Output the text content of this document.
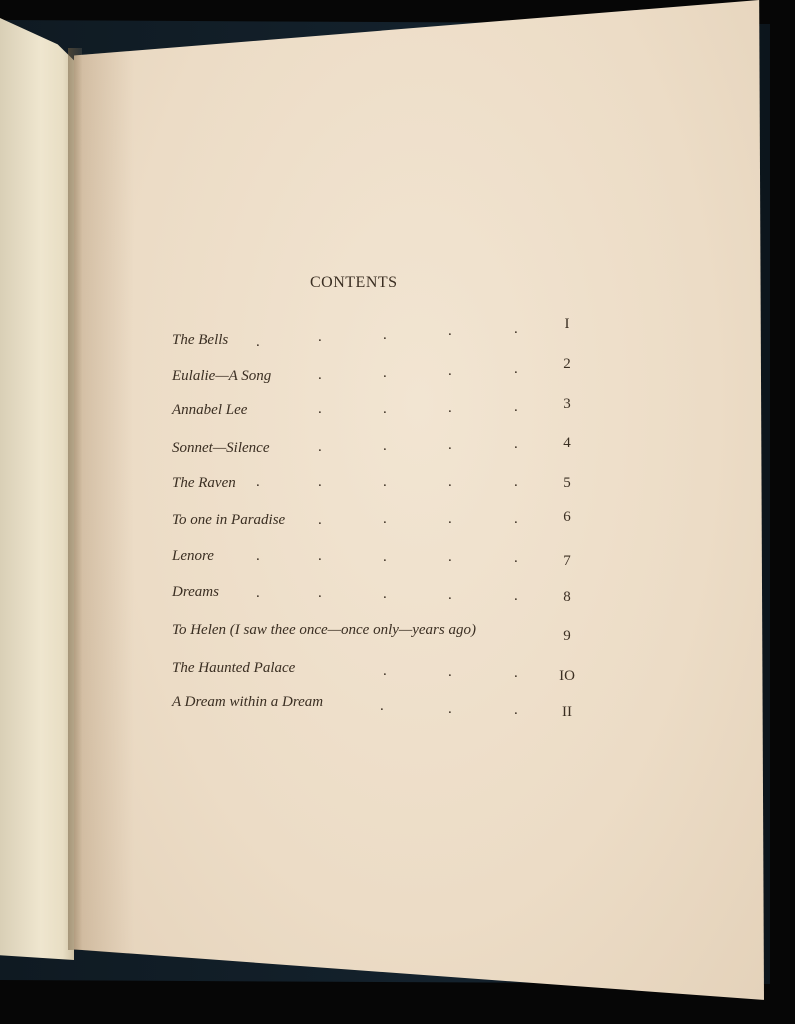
CONTENTS
The Bells .	.	.	.	.	I
Eulalie—A Song	.	.	.	.	2
Annabel Lee	.	.	.	.	3
Sonnet—Silence	.	.	.	.	4
The Raven .	.	.	.	.	5
To one in Paradise .	.	.	.	6
Lenore	.	.	.	.	.	7
Dreams .	.	.	.	.	8
To Helen (I saw thee once—once only—years ago)	9
The Haunted Palace	.	.	.	IO
A Dream within a Dream	.	.	.	II
